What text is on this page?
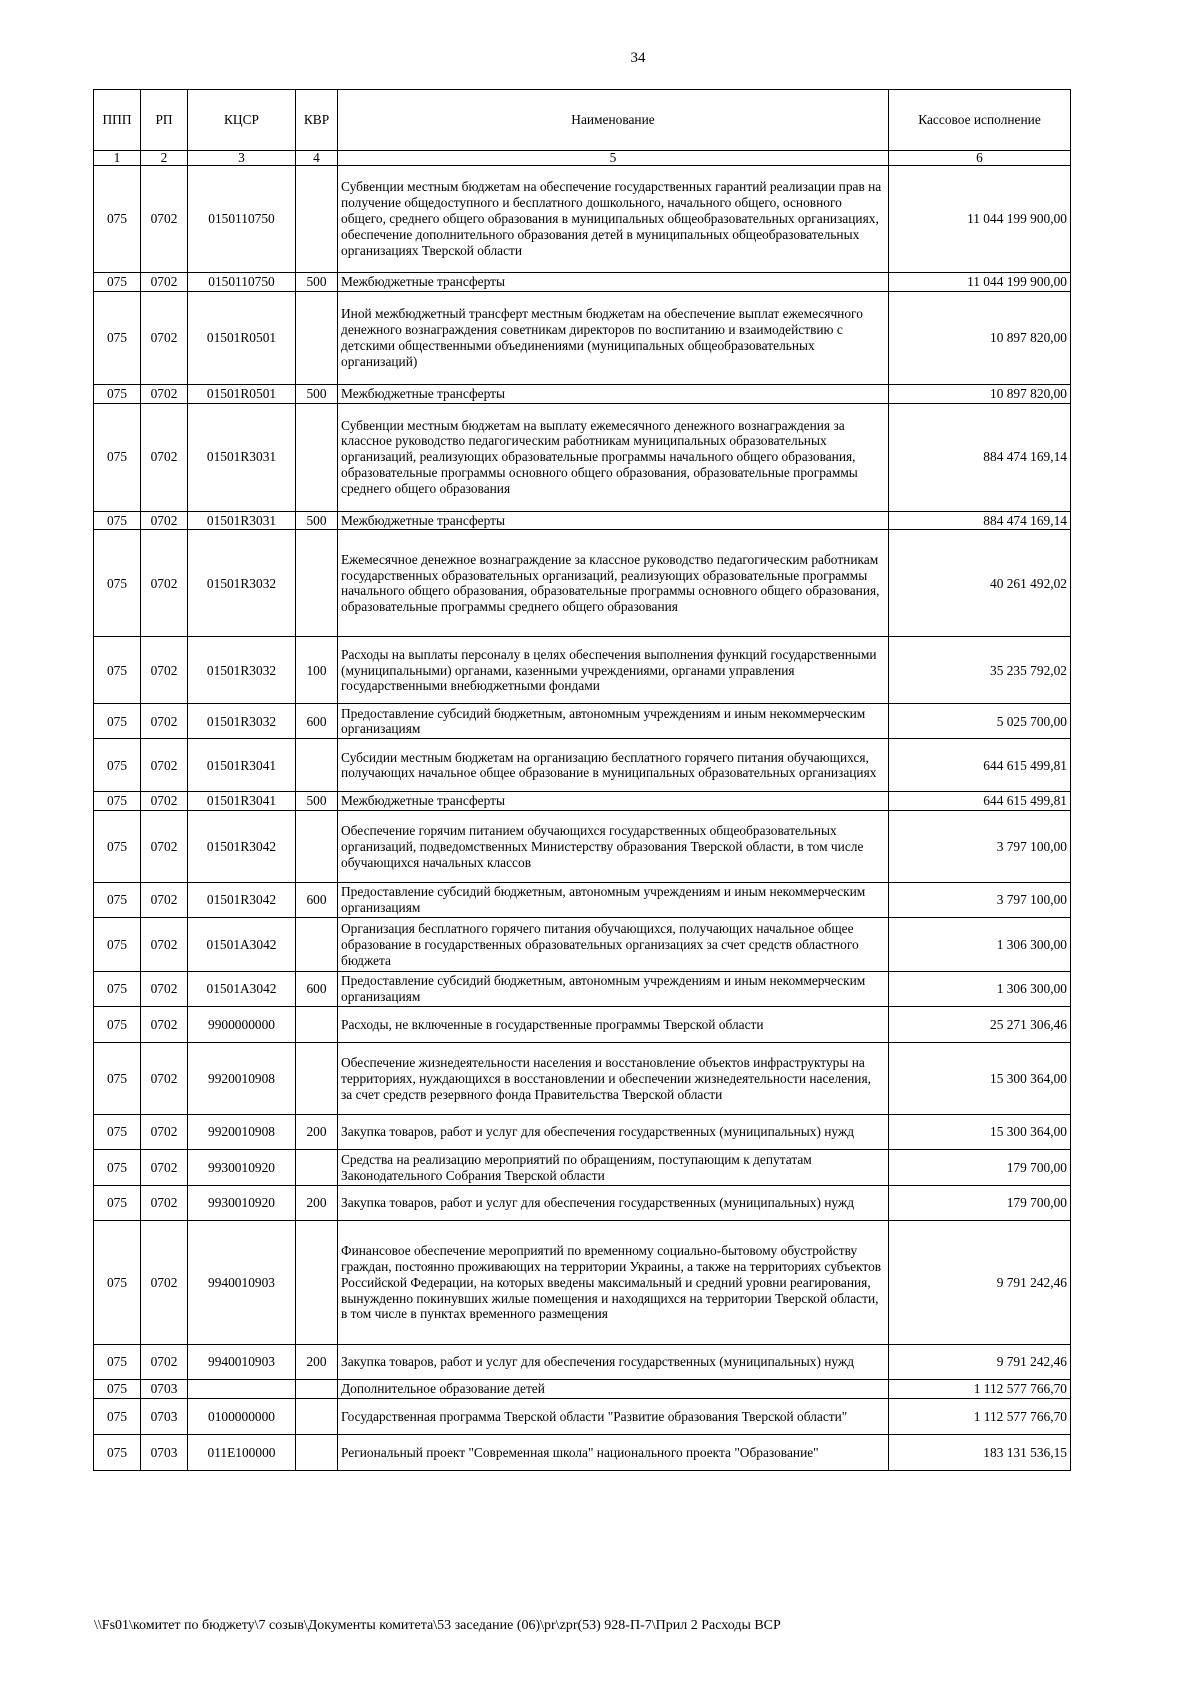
34
ППП	РП	КЦСР	КВР	Наименование	Кассовое исполнение
1	2	3	4	5	6
075	0702	0150110750		Субвенции местным бюджетам на обеспечение государственных гарантий реализации прав на получение общедоступного и бесплатного дошкольного, начального общего, основного общего, среднего общего образования в муниципальных общеобразовательных организациях, обеспечение дополнительного образования детей в муниципальных общеобразовательных организациях Тверской области	11 044 199 900,00
075	0702	0150110750	500	Межбюджетные трансферты	11 044 199 900,00
075	0702	01501R0501		Иной межбюджетный трансферт местным бюджетам на обеспечение выплат ежемесячного денежного вознаграждения советникам директоров по воспитанию и взаимодействию с детскими общественными объединениями (муниципальных общеобразовательных организаций)	10 897 820,00
075	0702	01501R0501	500	Межбюджетные трансферты	10 897 820,00
075	0702	01501R3031		Субвенции местным бюджетам на выплату ежемесячного денежного вознаграждения за классное руководство педагогическим работникам муниципальных образовательных организаций, реализующих образовательные программы начального общего образования, образовательные программы основного общего образования, образовательные программы среднего общего образования	884 474 169,14
075	0702	01501R3031	500	Межбюджетные трансферты	884 474 169,14
075	0702	01501R3032		Ежемесячное денежное вознаграждение за классное руководство педагогическим работникам государственных образовательных организаций, реализующих образовательные программы начального общего образования, образовательные программы основного общего образования, образовательные программы среднего общего образования	40 261 492,02
075	0702	01501R3032	100	Расходы на выплаты персоналу в целях обеспечения выполнения функций государственными (муниципальными) органами, казенными учреждениями, органами управления государственными внебюджетными фондами	35 235 792,02
075	0702	01501R3032	600	Предоставление субсидий бюджетным, автономным учреждениям и иным некоммерческим организациям	5 025 700,00
075	0702	01501R3041		Субсидии местным бюджетам на организацию бесплатного горячего питания обучающихся, получающих начальное общее образование в муниципальных образовательных организациях	644 615 499,81
075	0702	01501R3041	500	Межбюджетные трансферты	644 615 499,81
075	0702	01501R3042		Обеспечение горячим питанием обучающихся государственных общеобразовательных организаций, подведомственных Министерству образования Тверской области, в том числе обучающихся начальных классов	3 797 100,00
075	0702	01501R3042	600	Предоставление субсидий бюджетным, автономным учреждениям и иным некоммерческим организациям	3 797 100,00
075	0702	01501A3042		Организация бесплатного горячего питания обучающихся, получающих начальное общее образование в государственных образовательных организациях за счет средств областного бюджета	1 306 300,00
075	0702	01501A3042	600	Предоставление субсидий бюджетным, автономным учреждениям и иным некоммерческим организациям	1 306 300,00
075	0702	9900000000		Расходы, не включенные в государственные программы Тверской области	25 271 306,46
075	0702	9920010908		Обеспечение жизнедеятельности населения и восстановление объектов инфраструктуры на территориях, нуждающихся в восстановлении и обеспечении жизнедеятельности населения, за счет средств резервного фонда Правительства Тверской области	15 300 364,00
075	0702	9920010908	200	Закупка товаров, работ и услуг для обеспечения государственных (муниципальных) нужд	15 300 364,00
075	0702	9930010920		Средства на реализацию мероприятий по обращениям, поступающим к депутатам Законодательного Собрания Тверской области	179 700,00
075	0702	9930010920	200	Закупка товаров, работ и услуг для обеспечения государственных (муниципальных) нужд	179 700,00
075	0702	9940010903		Финансовое обеспечение мероприятий по временному социально-бытовому обустройству граждан, постоянно проживающих на территории Украины, а также на территориях субъектов Российской Федерации, на которых введены максимальный и средний уровни реагирования, вынужденно покинувших жилые помещения и находящихся на территории Тверской области, в том числе в пунктах временного размещения	9 791 242,46
075	0702	9940010903	200	Закупка товаров, работ и услуг для обеспечения государственных (муниципальных) нужд	9 791 242,46
075	0703			Дополнительное образование детей	1 112 577 766,70
075	0703	0100000000		Государственная программа Тверской области "Развитие образования Тверской области"	1 112 577 766,70
075	0703	011E100000		Региональный проект "Современная школа" национального проекта "Образование"	183 131 536,15
\\Fs01\комитет по бюджету\7 созыв\Документы комитета\53 заседание (06)\pr\zpr(53) 928-П-7\Прил 2 Расходы ВСР
